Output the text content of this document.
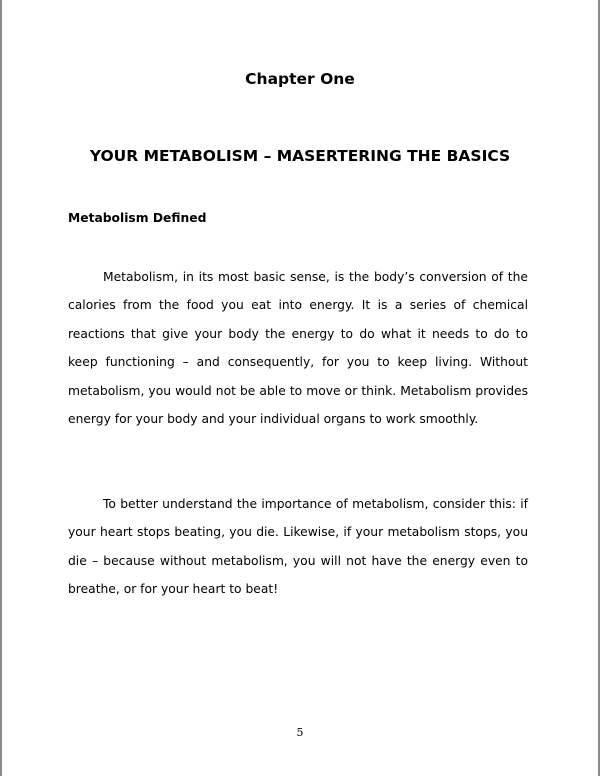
Chapter One
YOUR METABOLISM – MASERTERING THE BASICS
Metabolism Defined

Metabolism, in its most basic sense, is the body’s conversion of the calories from the food you eat into energy. It is a series of chemical reactions that give your body the energy to do what it needs to do to keep functioning – and consequently, for you to keep living. Without metabolism, you would not be able to move or think. Metabolism provides energy for your body and your individual organs to work smoothly.

To better understand the importance of metabolism, consider this: if your heart stops beating, you die. Likewise, if your metabolism stops, you die – because without metabolism, you will not have the energy even to breathe, or for your heart to beat!

5
